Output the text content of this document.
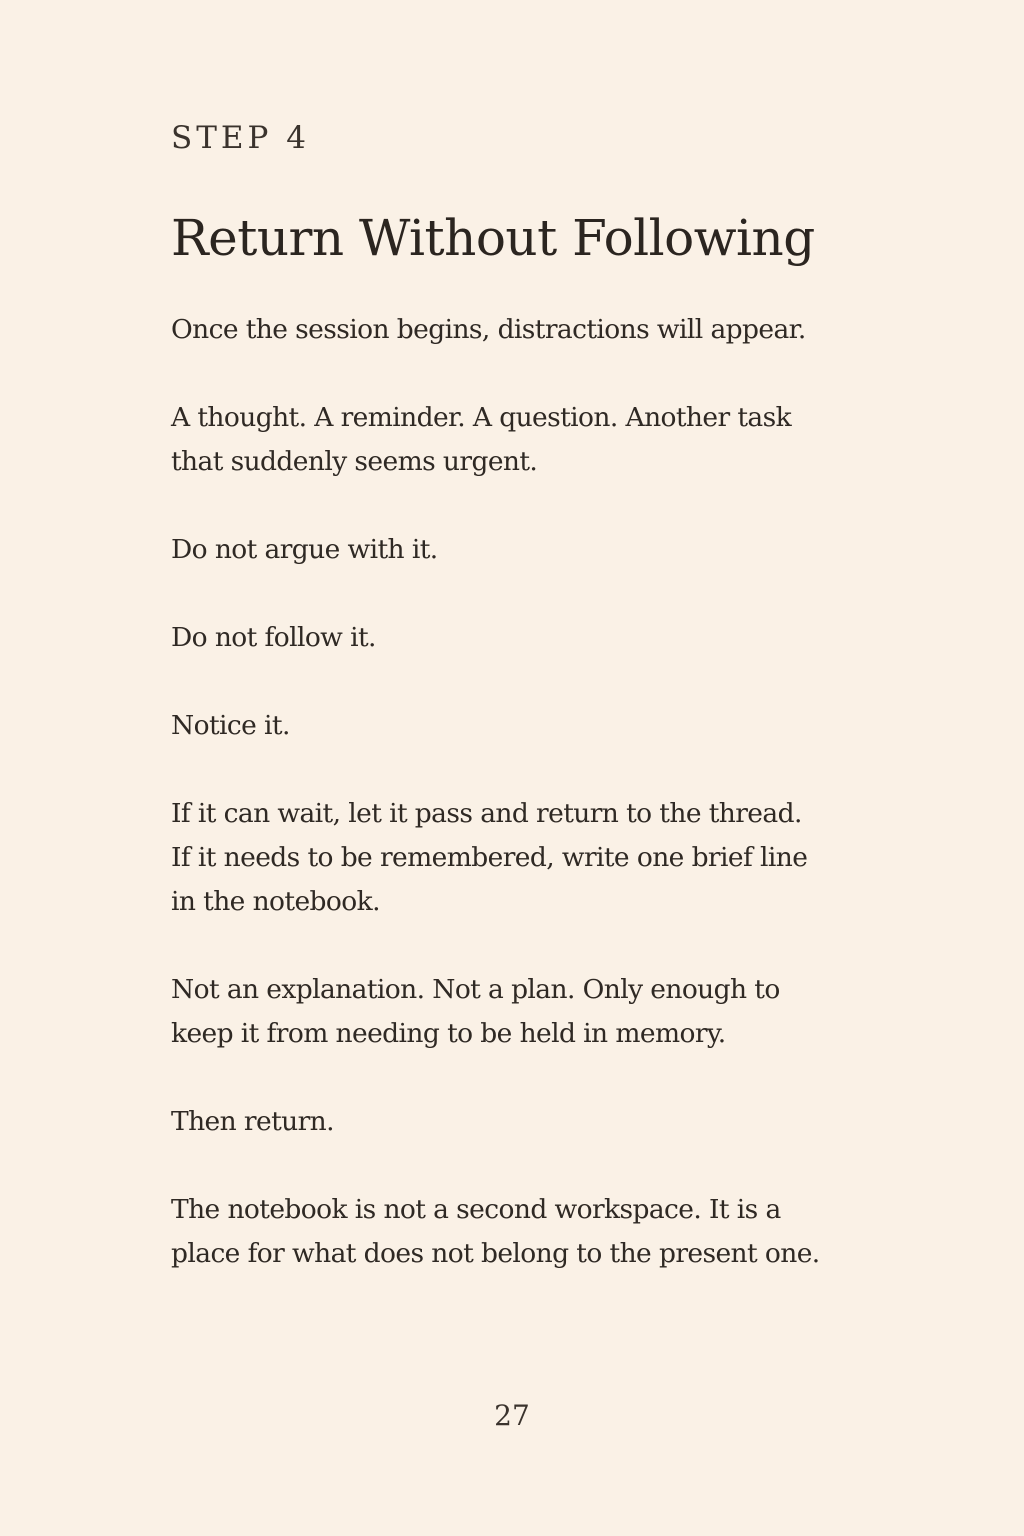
STEP 4

Return Without Following

Once the session begins, distractions will appear.

A thought. A reminder. A question. Another task that suddenly seems urgent.

Do not argue with it.

Do not follow it.

Notice it.

If it can wait, let it pass and return to the thread.

If it needs to be remembered, write one brief line in the notebook.

Not an explanation. Not a plan. Only enough to keep it from needing to be held in memory.

Then return.

The notebook is not a second workspace. It is a place for what does not belong to the present one.

27
